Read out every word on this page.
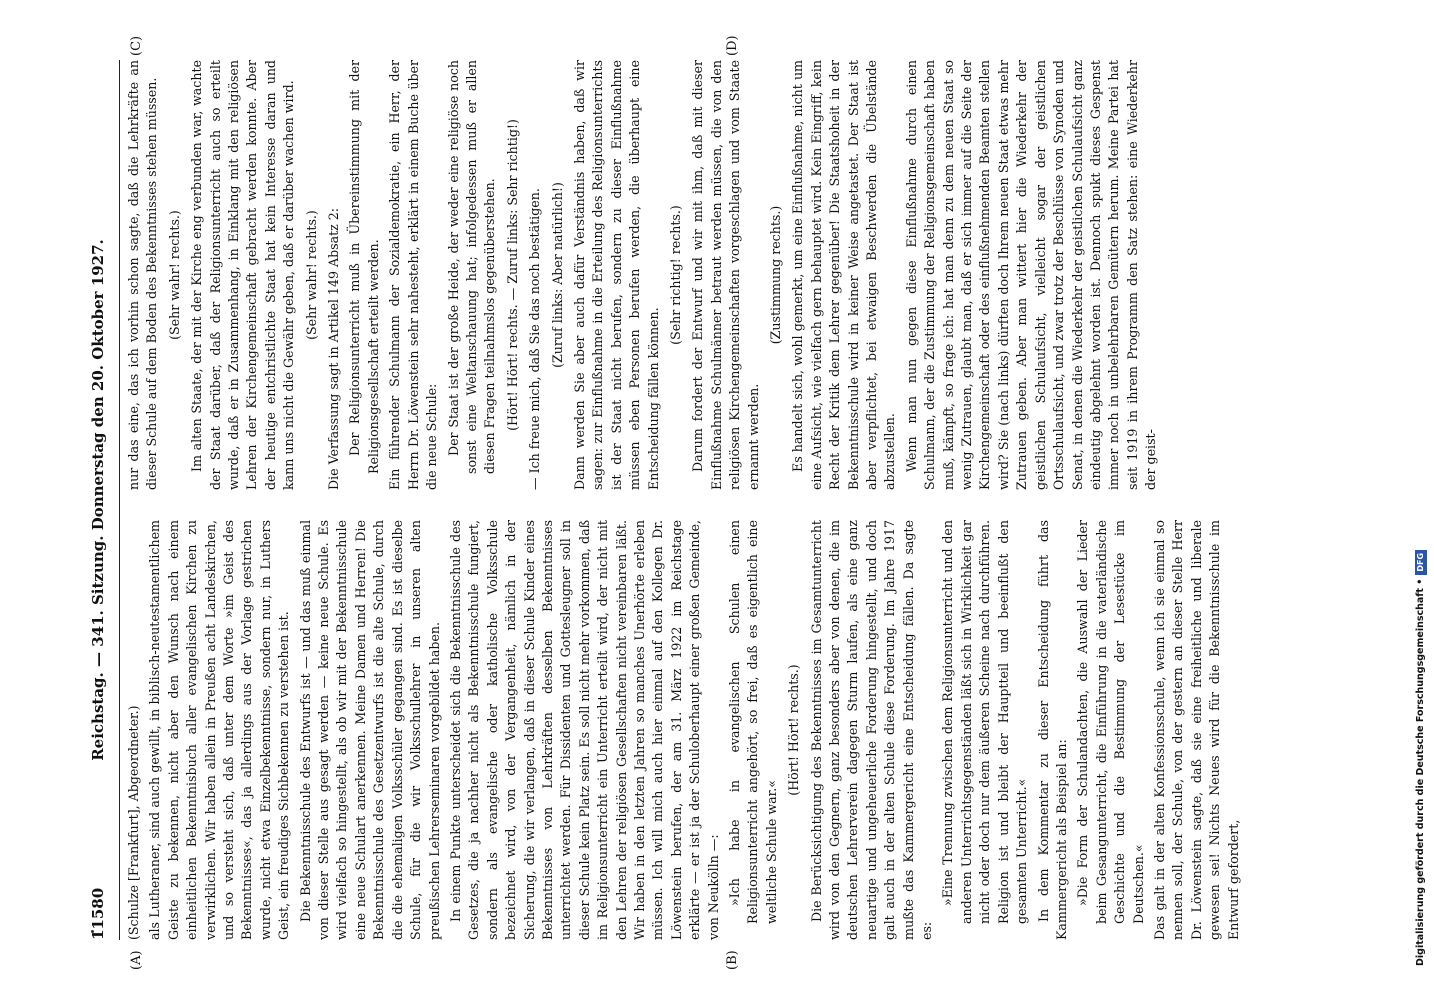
11580
Reichstag. — 341. Sitzung. Donnerstag den 20. Oktober 1927.

(Schulze [Frankfurt], Abgeordneter.) als Lutheraner, sind auch gewillt, in biblisch-neutestamentlichem Geiste zu bekennen, nicht aber den Wunsch nach einem einheitlichen Bekenntnisbuch aller evangelischen Kirchen zu verwirklichen. Wir haben allein in Preußen acht Landeskirchen, und so versteht sich, daß unter dem Worte »im Geist des Bekenntnisses«, das ja allerdings aus der Vorlage gestrichen wurde, nicht etwa Einzelbekenntnisse, sondern nur, in Luthers Geist, ein freudiges Sichbekennen zu verstehen ist. Die Bekenntnisschule des Entwurfs ist — und das muß einmal von dieser Stelle aus gesagt werden — keine neue Schule. Es wird vielfach so hingestellt, als ob wir mit der Bekenntnisschule eine neue Schulart anerkennen. Meine Damen und Herren! Die Bekenntnisschule des Gesetzentwurfs ist die alte Schule, durch die die ehemaligen Volksschüler gegangen sind. Es ist dieselbe Schule, für die wir Volksschullehrer in unseren alten preußischen Lehrerseminaren vorgebildet haben. In einem Punkte unterscheidet sich die Bekenntnisschule des Gesetzes, die ja nachher nicht als Bekenntnisschule fungiert, sondern als evangelische oder katholische Volksschule bezeichnet wird, von der Vergangenheit, nämlich in der Sicherung, die wir verlangen, daß in dieser Schule Kinder eines Bekenntnisses von Lehrkräften desselben Bekenntnisses unterrichtet werden. Für Dissidenten und Gottesleugner soll in dieser Schule kein Platz sein. Es soll nicht mehr vorkommen, daß im Religionsunterricht ein Unterricht erteilt wird, der nicht mit den Lehren der religiösen Gesellschaften nicht vereinbaren läßt. Wir haben in den letzten Jahren so manches Unerhörte erleben müssen. Ich will mich auch hier einmal auf den Kollegen Dr. Löwenstein berufen, der am 31. März 1922 im Reichstage erklärte — er ist ja der Schuloberhaupt einer großen Gemeinde, von Neukölln —: »Ich habe in evangelischen Schulen einen Religionsunterricht angehört, so frei, daß es eigentlich eine weltliche Schule war.«

(Hört! Hört! rechts.) Die Berücksichtigung des Bekenntnisses im Gesamtunterricht wird von den Gegnern, ganz besonders aber von denen, die im deutschen Lehrerverein dagegen Sturm laufen, als eine ganz neuartige und ungeheuerliche Forderung hingestellt, und doch galt auch in der alten Schule diese Forderung. Im Jahre 1917 mußte das Kammergericht eine Entscheidung fällen. Da sagte es:

»Eine Trennung zwischen dem Religionsunterricht und den anderen Unterrichtsgegenständen läßt sich in Wirklichkeit gar nicht oder doch nur dem äußeren Scheine nach durchführen. Religion ist und bleibt der Hauptteil und beeinflußt den gesamten Unterricht.« In dem Kommentar zu dieser Entscheidung führt das Kammergericht als Beispiel an: »Die Form der Schulandachten, die Auswahl der Lieder beim Gesangunterricht, die Einführung in die vaterländische Geschichte und die Bestimmung der Lesestücke im Deutschen.« Das galt in der alten Konfessionsschule, wenn ich sie einmal so nennen soll, der Schule, von der gestern an dieser Stelle Herr Dr. Löwenstein sagte, daß sie eine freiheitliche und liberale gewesen sei! Nichts Neues wird für die Bekenntnisschule im Entwurf gefordert,

nur das eine, das ich vorhin schon sagte, daß die Lehrkräfte an dieser Schule auf dem Boden des Bekenntnisses stehen müssen. (Sehr wahr! rechts.) Im alten Staate, der mit der Kirche eng verbunden war, wachte der Staat darüber, daß der Religionsunterricht auch so erteilt wurde, daß er in Zusammenhang, in Einklang mit den religiösen Lehren der Kirchengemeinschaft gebracht werden konnte. Aber der heutige entchristlichte Staat hat kein Interesse daran und kann uns nicht die Gewähr geben, daß er darüber wachen wird. (Sehr wahr! rechts.) Die Verfassung sagt in Artikel 149 Absatz 2: Der Religionsunterricht muß in Übereinstimmung mit der Religionsgesellschaft erteilt werden. Ein führender Schulmann der Sozialdemokratie, ein Herr, der Herrn Dr. Löwenstein sehr nahesteht, erklärt in einem Buche über die neue Schule: Der Staat ist der große Heide, der weder eine religiöse noch sonst eine Weltanschauung hat; infolgedessen muß er allen diesen Fragen teilnahmslos gegenüberstehen. (Hört! Hört! rechts. — Zuruf links: Sehr richtig!) — Ich freue mich, daß Sie das noch bestätigen. (Zuruf links: Aber natürlich!) Dann werden Sie aber auch dafür Verständnis haben, daß wir sagen: zur Einflußnahme in die Erteilung des Religionsunterrichts ist der Staat nicht berufen, sondern zu dieser Einflußnahme müssen eben Personen berufen werden, die überhaupt eine Entscheidung fällen können.

(Sehr richtig! rechts.) Darum fordert der Entwurf und wir mit ihm, daß mit dieser Einflußnahme Schulmänner betraut werden müssen, die von den religiösen Kirchengemeinschaften vorgeschlagen und vom Staate ernannt werden.

(Zustimmung rechts.) Es handelt sich, wohl gemerkt, um eine Einflußnahme, nicht um eine Aufsicht, wie vielfach gern behauptet wird. Kein Eingriff, kein Recht der Kritik dem Lehrer gegenüber! Die Staatshoheit in der Bekenntnisschule wird in keiner Weise angetastet. Der Staat ist aber verpflichtet, bei etwaigen Beschwerden die Übelstände abzustellen. Wenn man nun gegen diese Einflußnahme durch einen Schulmann, der die Zustimmung der Religionsgemeinschaft haben muß, kämpft, so frage ich: hat man denn zu dem neuen Staat so wenig Zutrauen, glaubt man, daß er sich immer auf die Seite der Kirchengemeinschaft oder des einflußnehmenden Beamten stellen wird? Sie (nach links) dürften doch Ihrem neuen Staat etwas mehr Zutrauen geben. Aber man wittert hier die Wiederkehr der geistlichen Schulaufsicht, vielleicht sogar der geistlichen Ortsschulaufsicht, und zwar trotz der Beschlüsse von Synoden und Senat, in denen die Wiederkehr der geistlichen Schulaufsicht ganz eindeutig abgelehnt worden ist. Dennoch spukt dieses Gespenst immer noch in unbelehrbaren Gemütern herum. Meine Partei hat seit 1919 in ihrem Programm den Satz stehen: eine Wiederkehr der geist-

(A)	(B)
(C)	(D)
Digitalisierung gefördert durch die Deutsche Forschungsgemeinschaft •DFG
